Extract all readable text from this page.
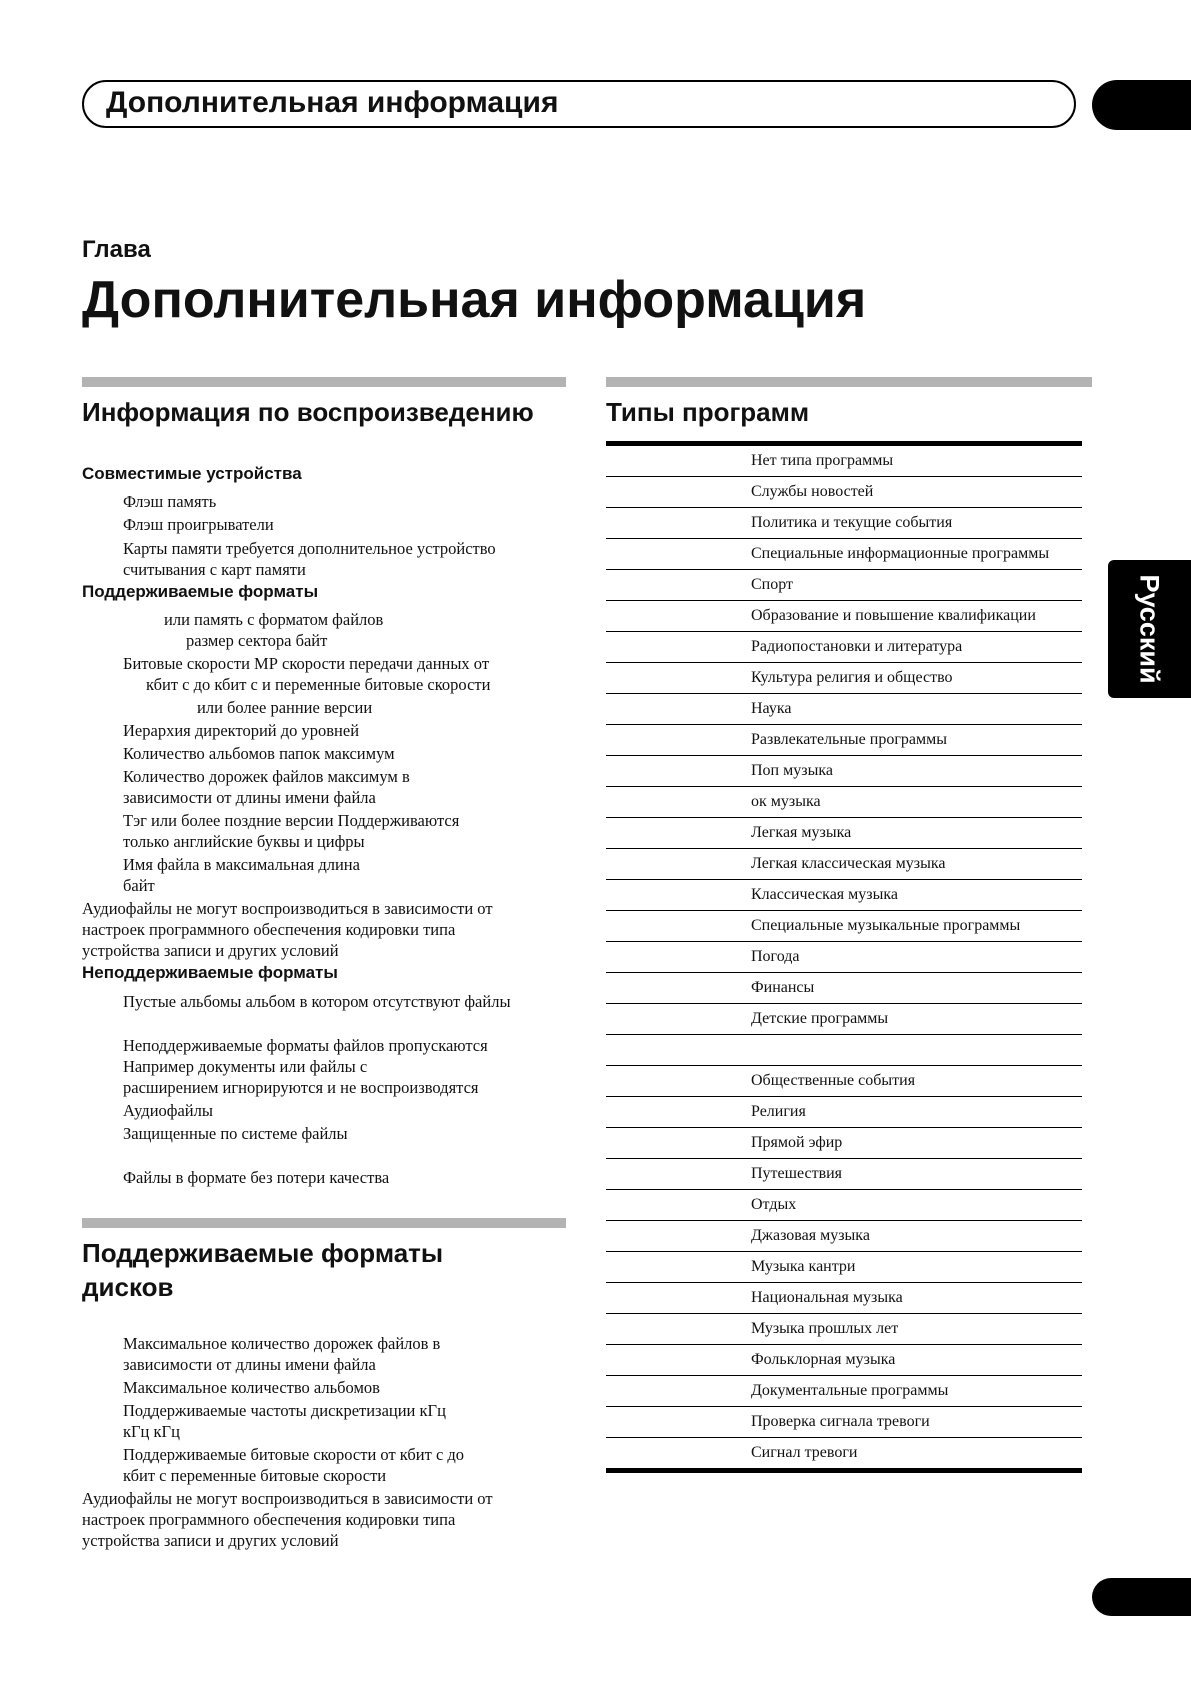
Дополнительная информация
Русский
Глава
Дополнительная информация
Информация по воспроизведению
Совместимые устройства
Флэш память
Флэш проигрыватели
Карты памяти требуется дополнительное устройство
считывания с карт памяти
Поддерживаемые форматы
или память с форматом файлов
размер сектора байт
Битовые скорости МР скорости передачи данных от
кбит с до кбит с и переменные битовые скорости
или более ранние версии
Иерархия директорий до уровней
Количество альбомов папок максимум
Количество дорожек файлов максимум в
зависимости от длины имени файла
Тэг или более поздние версии Поддерживаются
только английские буквы и цифры
Имя файла в максимальная длина
байт
Аудиофайлы не могут воспроизводиться в зависимости от
настроек программного обеспечения кодировки типа
устройства записи и других условий
Неподдерживаемые форматы
Пустые альбомы альбом в котором отсутствуют файлы
Неподдерживаемые форматы файлов пропускаются
Например документы или файлы с
расширением игнорируются и не воспроизводятся
Аудиофайлы
Защищенные по системе файлы
Файлы в формате без потери качества
Поддерживаемые форматы
дисков
Максимальное количество дорожек файлов в
зависимости от длины имени файла
Максимальное количество альбомов
Поддерживаемые частоты дискретизации кГц
кГц кГц
Поддерживаемые битовые скорости от кбит с до
кбит с переменные битовые скорости
Аудиофайлы не могут воспроизводиться в зависимости от
настроек программного обеспечения кодировки типа
устройства записи и других условий
Типы программ
Нет типа программы
Службы новостей
Политика и текущие события
Специальные информационные программы
Спорт
Образование и повышение квалификации
Радиопостановки и литература
Культура религия и общество
Наука
Развлекательные программы
Поп музыка
ок музыка
Легкая музыка
Легкая классическая музыка
Классическая музыка
Специальные музыкальные программы
Погода
Финансы
Детские программы
Общественные события
Религия
Прямой эфир
Путешествия
Отдых
Джазовая музыка
Музыка кантри
Национальная музыка
Музыка прошлых лет
Фольклорная музыка
Документальные программы
Проверка сигнала тревоги
Сигнал тревоги
